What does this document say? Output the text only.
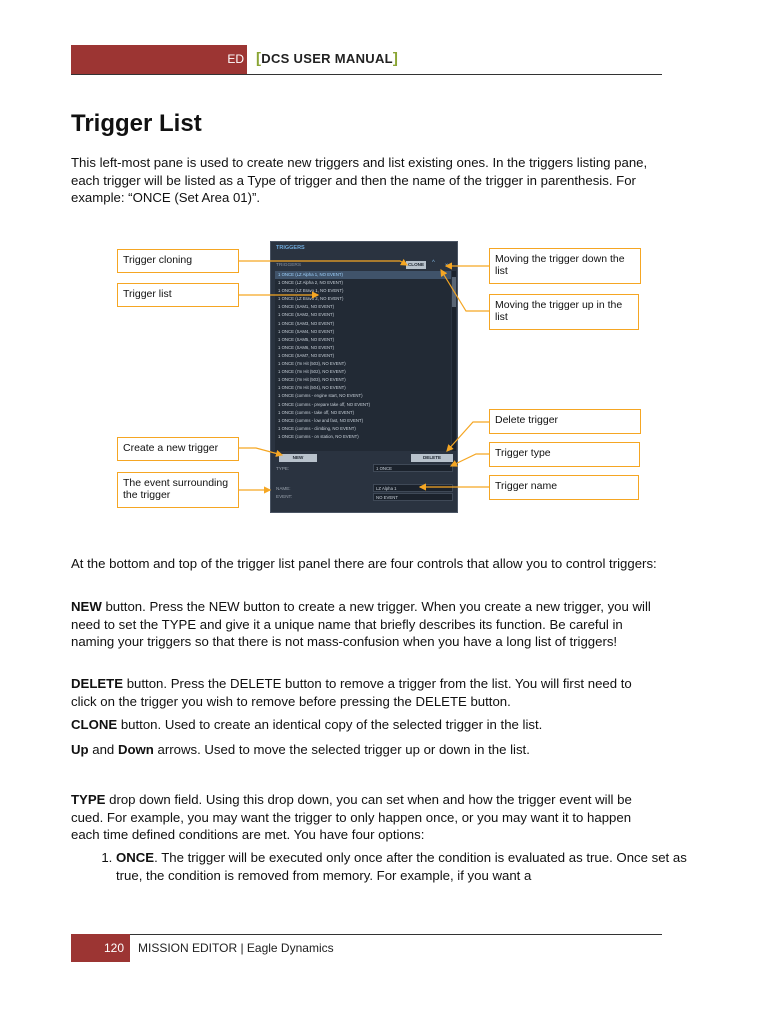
ED [DCS USER MANUAL]
Trigger List
This left-most pane is used to create new triggers and list existing ones. In the triggers listing pane, each trigger will be listed as a Type of trigger and then the name of the trigger in parenthesis. For example: “ONCE (Set Area 01)”.
TRIGGERS
TRIGGERS	CLONE	^ ⌄
1 ONCE (LZ Alpha 1, NO EVENT)
1 ONCE (LZ Alpha 2, NO EVENT)
1 ONCE (LZ Bravo 1, NO EVENT)
1 ONCE (LZ Bravo 2, NO EVENT)
1 ONCE (SAM1, NO EVENT)
1 ONCE (SAM2, NO EVENT)
1 ONCE (SAM3, NO EVENT)
1 ONCE (SAM4, NO EVENT)
1 ONCE (SAM5, NO EVENT)
1 ONCE (SAM6, NO EVENT)
1 ONCE (SAM7, NO EVENT)
1 ONCE (I'm Hit (503), NO EVENT)
1 ONCE (I'm Hit (502), NO EVENT)
1 ONCE (I'm Hit (503), NO EVENT)
1 ONCE (I'm Hit (504), NO EVENT)
1 ONCE (comms - engine start, NO EVENT)
1 ONCE (comms - prepare take off, NO EVENT)
1 ONCE (comms - take off, NO EVENT)
1 ONCE (comms - low and fast, NO EVENT)
1 ONCE (comms - climbing, NO EVENT)
1 ONCE (comms - on station, NO EVENT)
NEW	DELETE
TYPE:	1 ONCE
NAME:	LZ Alpha 1
EVENT:	NO EVENT
Trigger cloning
Trigger list
Create a new trigger
The event surrounding the trigger
Moving the trigger down the list
Moving the trigger up in the list
Delete trigger
Trigger type
Trigger name
At the bottom and top of the trigger list panel there are four controls that allow you to control triggers:
NEW button. Press the NEW button to create a new trigger. When you create a new trigger, you will need to set the TYPE and give it a unique name that briefly describes its function. Be careful in naming your triggers so that there is not mass-confusion when you have a long list of triggers!
DELETE button. Press the DELETE button to remove a trigger from the list. You will first need to click on the trigger you wish to remove before pressing the DELETE button.
CLONE button. Used to create an identical copy of the selected trigger in the list.
Up and Down arrows. Used to move the selected trigger up or down in the list.
TYPE drop down field. Using this drop down, you can set when and how the trigger event will be cued. For example, you may want the trigger to only happen once, or you may want it to happen each time defined conditions are met. You have four options:
1. ONCE. The trigger will be executed only once after the condition is evaluated as true. Once set as true, the condition is removed from memory. For example, if you want a
120 MISSION EDITOR | Eagle Dynamics
